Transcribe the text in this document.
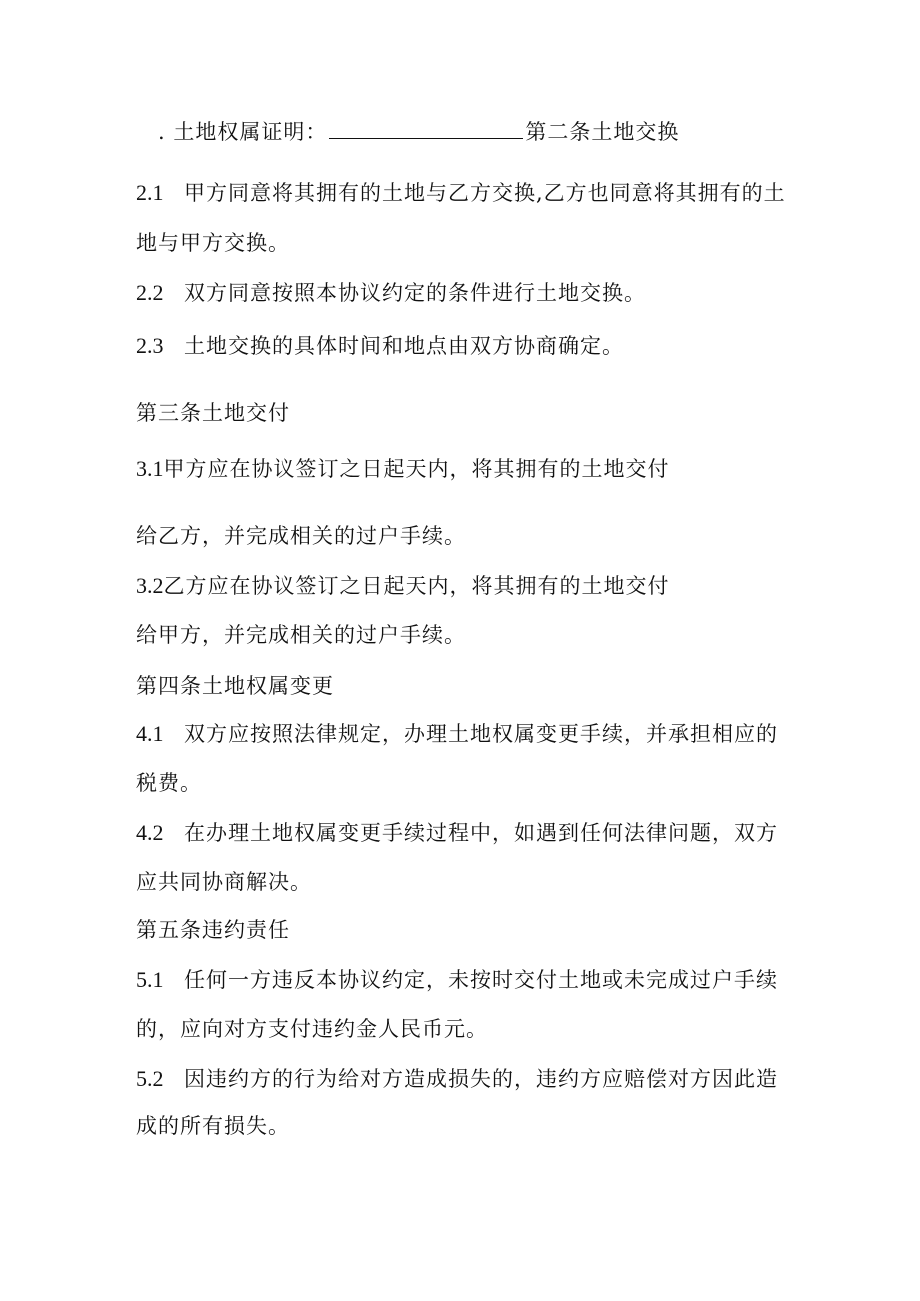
. 土地权属证明：	第二条土地交换
2.1 甲方同意将其拥有的土地与乙方交换,乙方也同意将其拥有的土
地与甲方交换。
2.2 双方同意按照本协议约定的条件进行土地交换。
2.3 土地交换的具体时间和地点由双方协商确定。
第三条土地交付
3.1甲方应在协议签订之日起天内，将其拥有的土地交付
给乙方，并完成相关的过户手续。
3.2乙方应在协议签订之日起天内，将其拥有的土地交付
给甲方，并完成相关的过户手续。
第四条土地权属变更
4.1 双方应按照法律规定，办理土地权属变更手续，并承担相应的
税费。
4.2 在办理土地权属变更手续过程中，如遇到任何法律问题，双方
应共同协商解决。
第五条违约责任
5.1 任何一方违反本协议约定，未按时交付土地或未完成过户手续
的，应向对方支付违约金人民币元。
5.2 因违约方的行为给对方造成损失的，违约方应赔偿对方因此造
成的所有损失。
